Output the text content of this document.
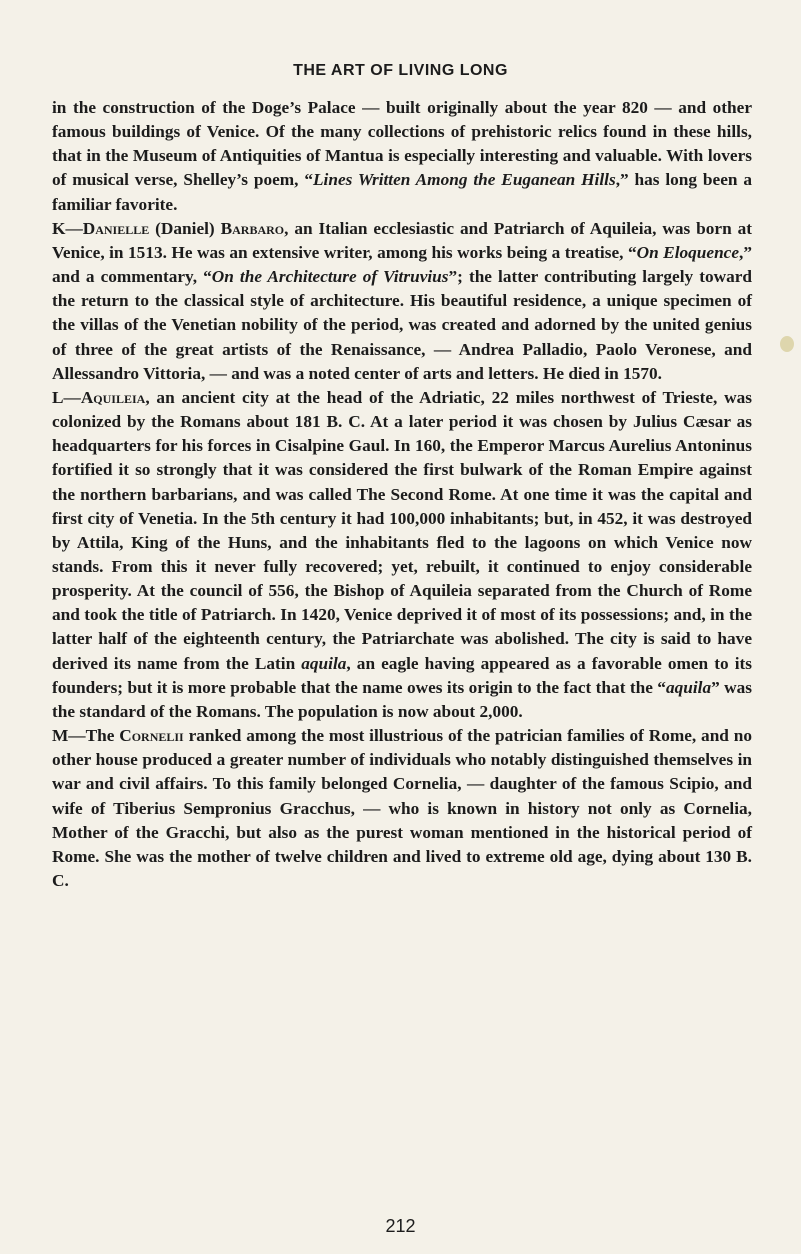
THE ART OF LIVING LONG

in the construction of the Doge’s Palace — built originally about the year 820 — and other famous buildings of Venice. Of the many collections of prehistoric relics found in these hills, that in the Museum of Antiquities of Mantua is especially interesting and valuable. With lovers of musical verse, Shelley’s poem, “Lines Written Among the Euganean Hills,” has long been a familiar favorite.

K—Danielle (Daniel) Barbaro, an Italian ecclesiastic and Patriarch of Aquileia, was born at Venice, in 1513. He was an extensive writer, among his works being a treatise, “On Eloquence,” and a commentary, “On the Architecture of Vitruvius”; the latter contributing largely toward the return to the classical style of architecture. His beautiful residence, a unique specimen of the villas of the Venetian nobility of the period, was created and adorned by the united genius of three of the great artists of the Renaissance, — Andrea Palladio, Paolo Veronese, and Allessandro Vittoria, — and was a noted center of arts and letters. He died in 1570.

L—Aquileia, an ancient city at the head of the Adriatic, 22 miles northwest of Trieste, was colonized by the Romans about 181 B. C. At a later period it was chosen by Julius Cæsar as headquarters for his forces in Cisalpine Gaul. In 160, the Emperor Marcus Aurelius Antoninus fortified it so strongly that it was considered the first bulwark of the Roman Empire against the northern barbarians, and was called The Second Rome. At one time it was the capital and first city of Venetia. In the 5th century it had 100,000 inhabitants; but, in 452, it was destroyed by Attila, King of the Huns, and the inhabitants fled to the lagoons on which Venice now stands. From this it never fully recovered; yet, rebuilt, it continued to enjoy considerable prosperity. At the council of 556, the Bishop of Aquileia separated from the Church of Rome and took the title of Patriarch. In 1420, Venice deprived it of most of its possessions; and, in the latter half of the eighteenth century, the Patriarchate was abolished. The city is said to have derived its name from the Latin aquila, an eagle having appeared as a favorable omen to its founders; but it is more probable that the name owes its origin to the fact that the “aquila” was the standard of the Romans. The population is now about 2,000.

M—The Cornelii ranked among the most illustrious of the patrician families of Rome, and no other house produced a greater number of individuals who notably distinguished themselves in war and civil affairs. To this family belonged Cornelia, — daughter of the famous Scipio, and wife of Tiberius Sempronius Gracchus, — who is known in history not only as Cornelia, Mother of the Gracchi, but also as the purest woman mentioned in the historical period of Rome. She was the mother of twelve children and lived to extreme old age, dying about 130 B. C.

212
